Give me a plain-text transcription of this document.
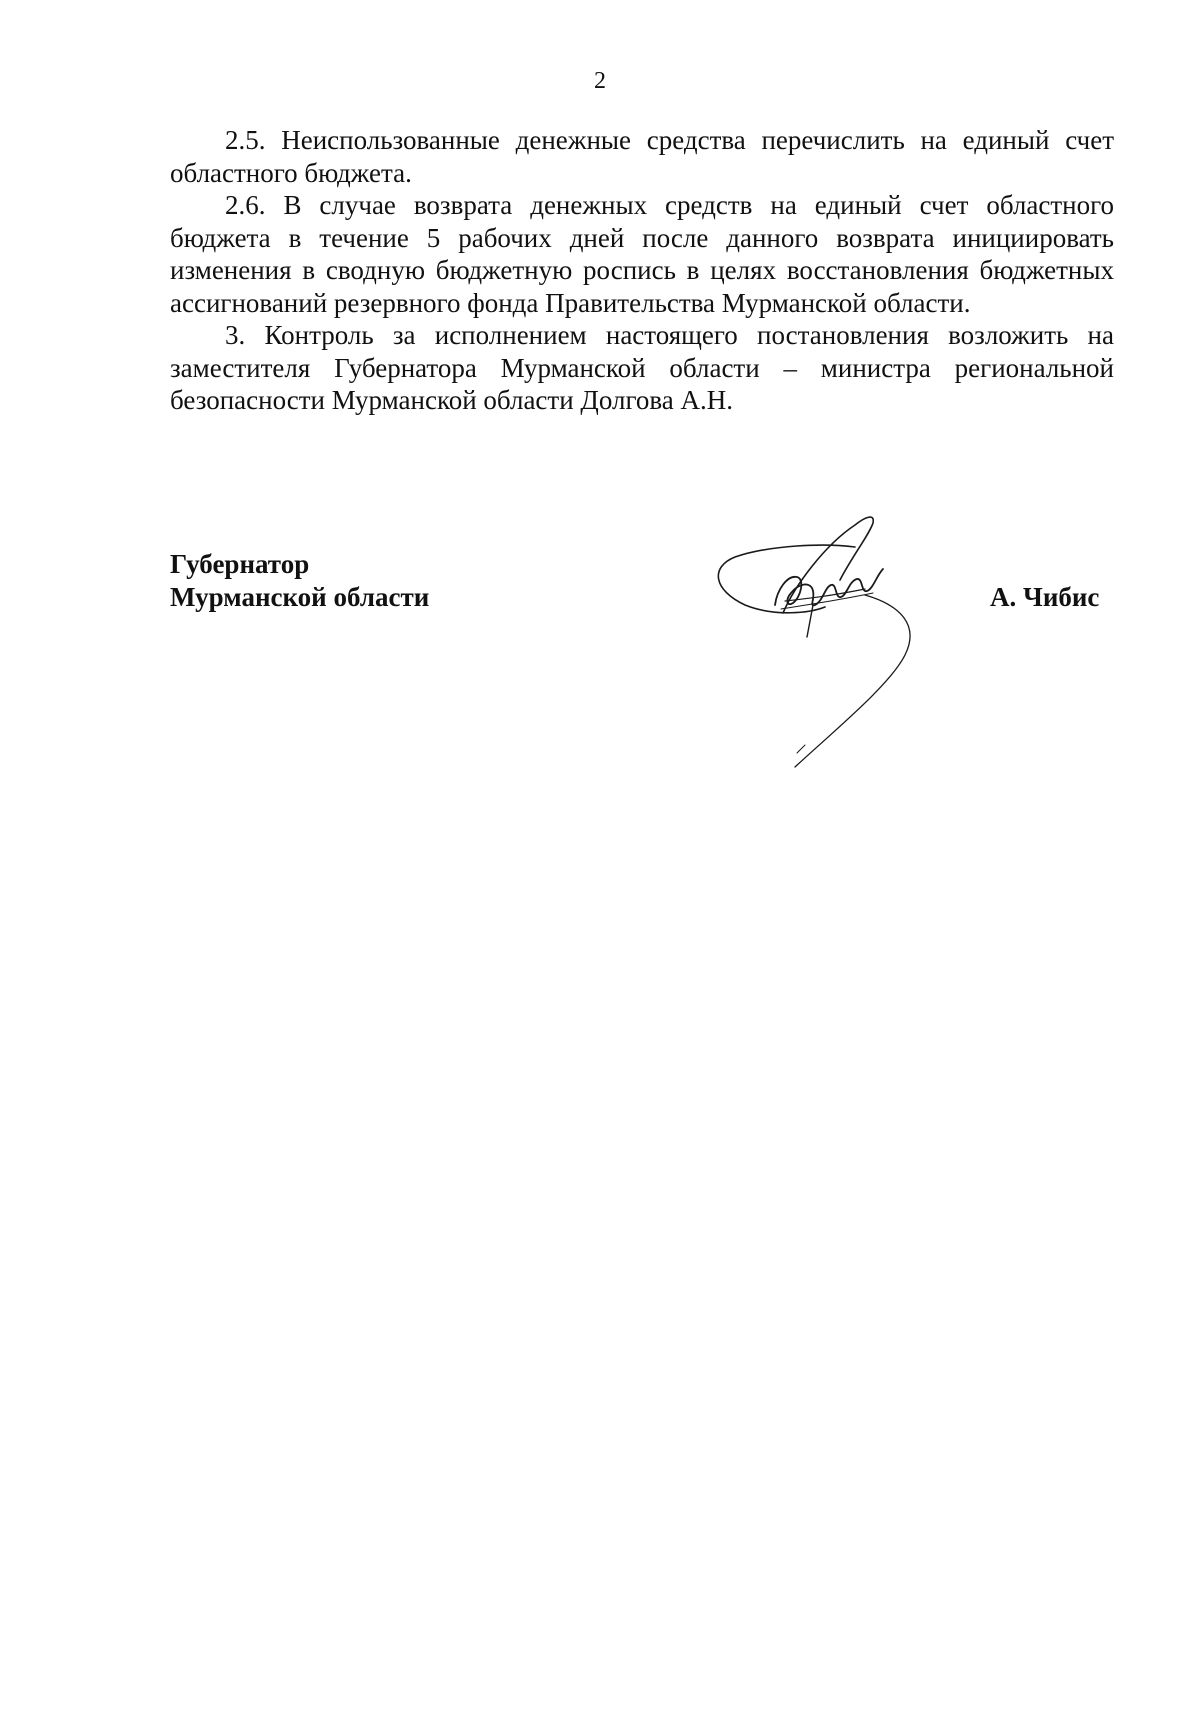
2

2.5. Неиспользованные денежные средства перечислить на единый счет областного бюджета.

2.6. В случае возврата денежных средств на единый счет областного бюджета в течение 5 рабочих дней после данного возврата инициировать изменения в сводную бюджетную роспись в целях восстановления бюджетных ассигнований резервного фонда Правительства Мурманской области.

3. Контроль за исполнением настоящего постановления возложить на заместителя Губернатора Мурманской области – министра региональной безопасности Мурманской области Долгова А.Н.

Губернатор
Мурманской области	А. Чибис
